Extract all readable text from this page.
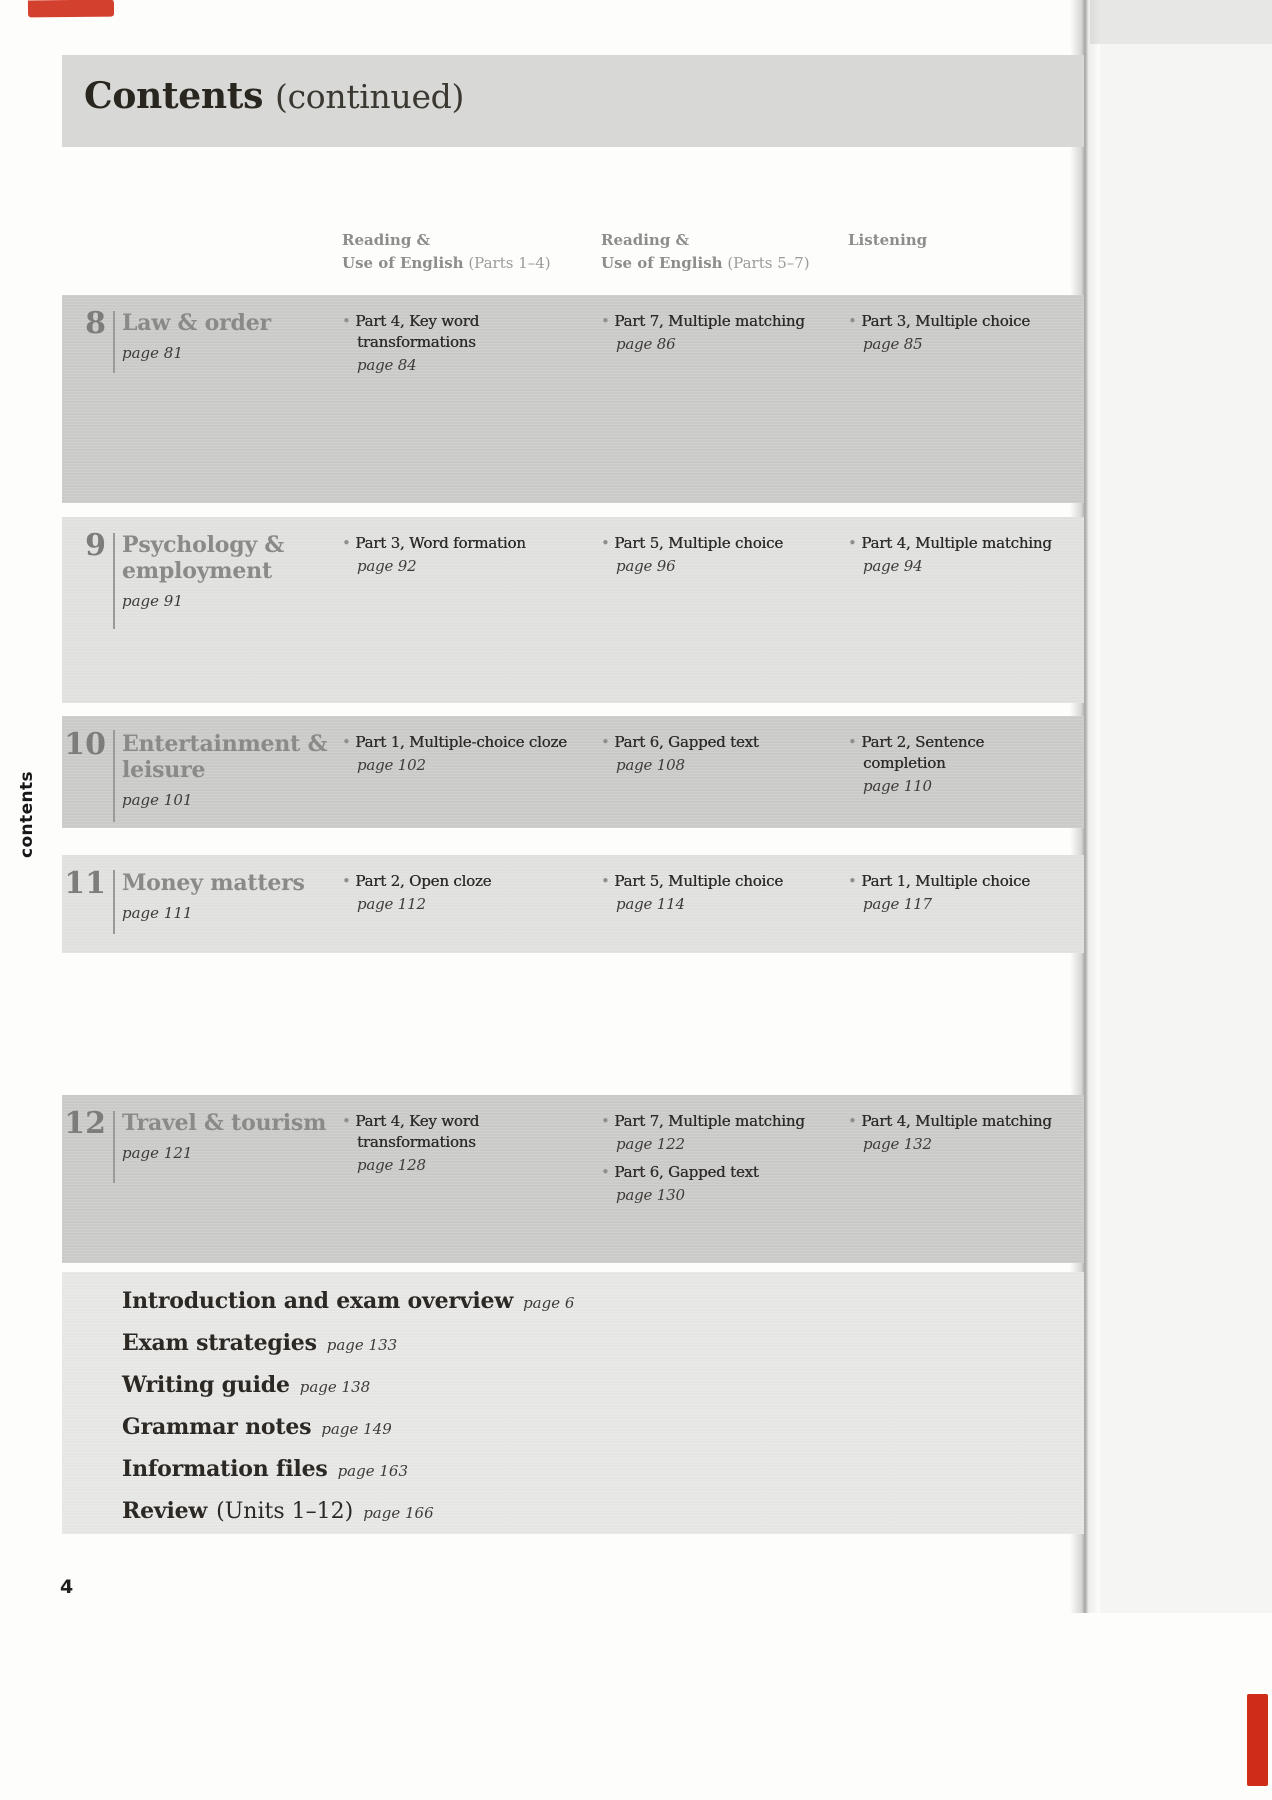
Contents (continued)
Reading &
Use of English (Parts 1–4)
Reading &
Use of English (Parts 5–7)
Listening
8 Law & order
page 81
• Part 4, Key word transformations
page 84
• Part 7, Multiple matching
page 86
• Part 3, Multiple choice
page 85
9 Psychology & employment
page 91
• Part 3, Word formation
page 92
• Part 5, Multiple choice
page 96
• Part 4, Multiple matching
page 94
10 Entertainment & leisure
page 101
• Part 1, Multiple-choice cloze
page 102
• Part 6, Gapped text
page 108
• Part 2, Sentence completion
page 110
11 Money matters
page 111
• Part 2, Open cloze
page 112
• Part 5, Multiple choice
page 114
• Part 1, Multiple choice
page 117
12 Travel & tourism
page 121
• Part 4, Key word transformations
page 128
• Part 7, Multiple matching
page 122
• Part 6, Gapped text
page 130
• Part 4, Multiple matching
page 132
Introduction and exam overview page 6
Exam strategies page 133
Writing guide page 138
Grammar notes page 149
Information files page 163
Review (Units 1–12) page 166
contents
4
